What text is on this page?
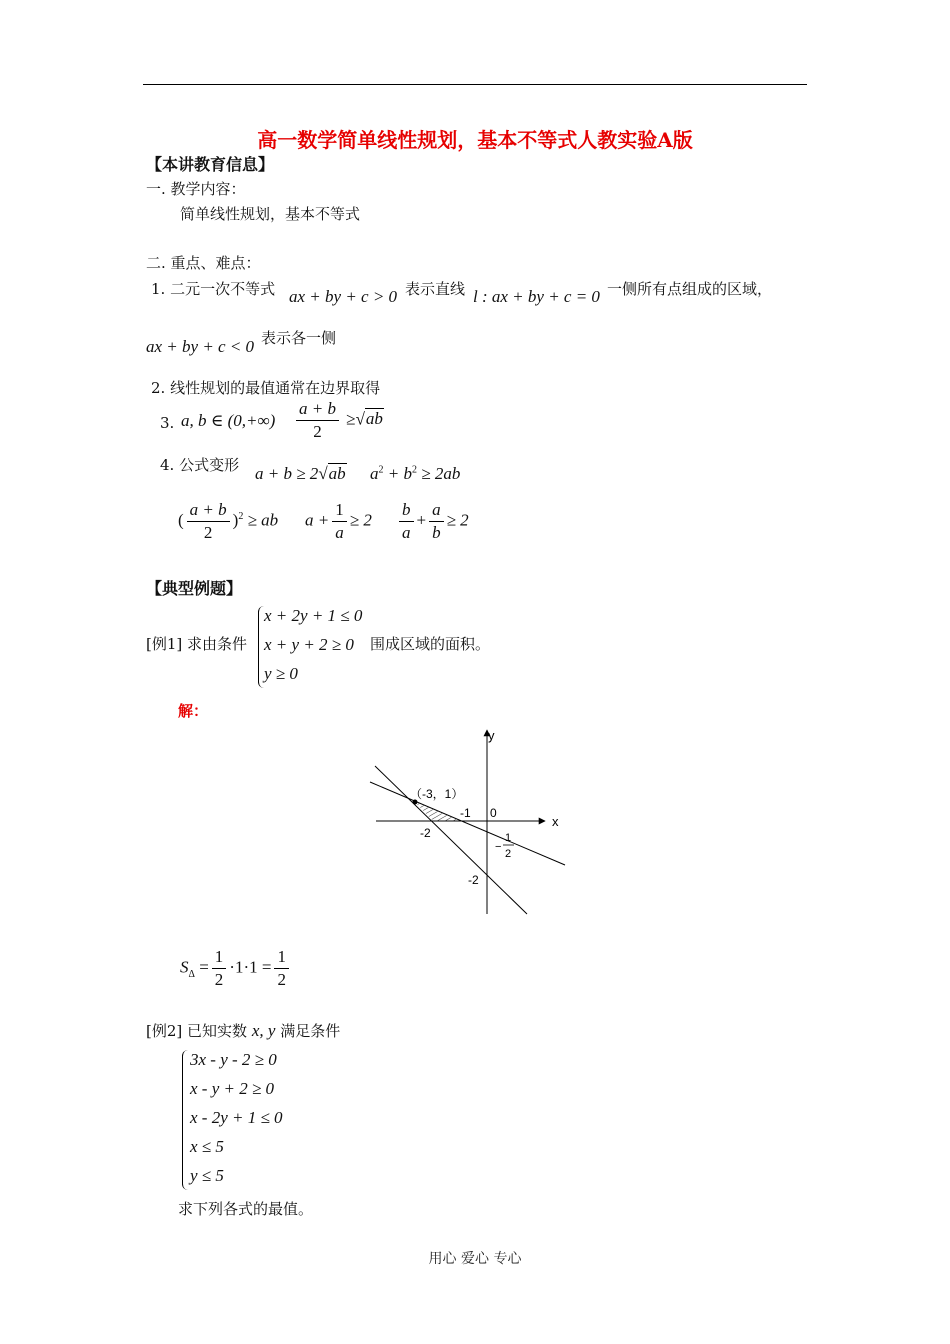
高一数学简单线性规划，基本不等式人教实验A版
【本讲教育信息】
一. 教学内容：
简单线性规划，基本不等式
二. 重点、难点：
1. 二元一次不等式 ax + by + c > 0 表示直线 l : ax + by + c = 0 一侧所有点组成的区域，
ax + by + c < 0 表示各一侧
2. 线性规划的最值通常在边界取得
3. a, b ∈ $(0,+\infty) \frac{a + b}{2} \ge√ab$
4. 公式变形 a + b ≥ 2√ab $a^2 + b^2 \ge 2ab$
( $\frac{a + b}{2} )^2$ ≥ ab $a + \frac{1}{a} \ge 2 \frac{b}{a} + \frac{a}{b} \ge 2$
【典型例题】
[例1] 求由条件
x + 2y + 1 ≤ 0
x + y + 2 ≥ 0
y ≥ 0
围成区域的面积。
解：
y
x
0
（-3，1）
-1
-2
-2
−
1
2
$S_\Delta = \frac{1}{2} \cdot 1\cdot 1 = \frac{1}{2}$
[例2] 已知实数 x, y 满足条件
3x - y - 2 ≥ 0
x - y + 2 ≥ 0
x - 2y + 1 ≤ 0
x ≤ 5
y ≤ 5
求下列各式的最值。
用心 爱心 专心
